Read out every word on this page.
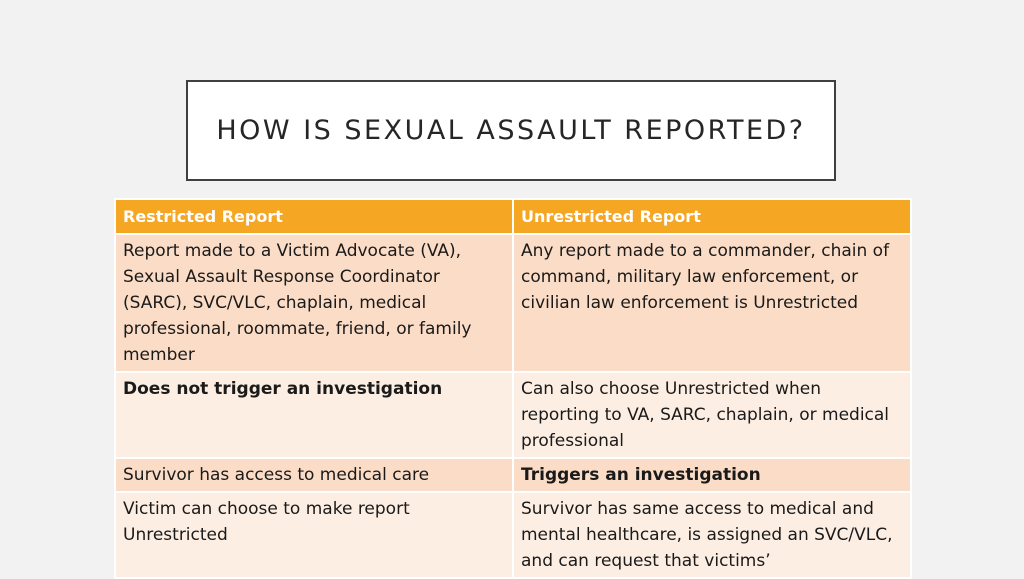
HOW IS SEXUAL ASSAULT REPORTED?
Restricted Report	Unrestricted Report
Report made to a Victim Advocate (VA), Sexual Assault Response Coordinator (SARC), SVC/VLC, chaplain, medical professional, roommate, friend, or family member	Any report made to a commander, chain of command, military law enforcement, or civilian law enforcement is Unrestricted
Does not trigger an investigation	Can also choose Unrestricted when reporting to VA, SARC, chaplain, or medical professional
Survivor has access to medical care	Triggers an investigation
Victim can choose to make report Unrestricted	Survivor has same access to medical and mental healthcare, is assigned an SVC/VLC, and can request that victims’
